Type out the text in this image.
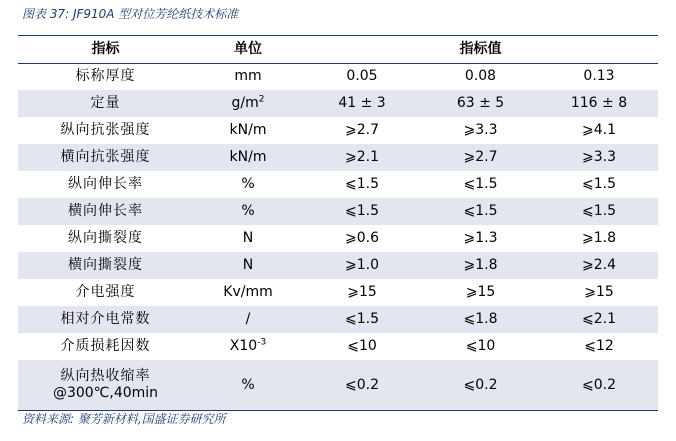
图表 37: JF910A 型对位芳纶纸技术标准
指标	单位	指标值		
标称厚度	mm	0.05	0.08	0.13
定量	$g/m^2$	41 ± 3	63 ± 5	116 ± 8
纵向抗张强度	kN/m	⩾2.7	⩾3.3	⩾4.1
横向抗张强度	kN/m	⩾2.1	⩾2.7	⩾3.3
纵向伸长率	%	⩽1.5	⩽1.5	⩽1.5
横向伸长率	%	⩽1.5	⩽1.5	⩽1.5
纵向撕裂度	N	⩾0.6	⩾1.3	⩾1.8
横向撕裂度	N	⩾1.0	⩾1.8	⩾2.4
介电强度	Kv/mm	⩾15	⩾15	⩾15
相对介电常数	/	⩽1.5	⩽1.8	⩽2.1
介质损耗因数	$X10^{-3}$	⩽10	⩽10	⩽12

纵向热收缩率
@300℃,40min	%	⩽0.2	⩽0.2	⩽0.2
资料来源: 聚芳新材料,国盛证券研究所
